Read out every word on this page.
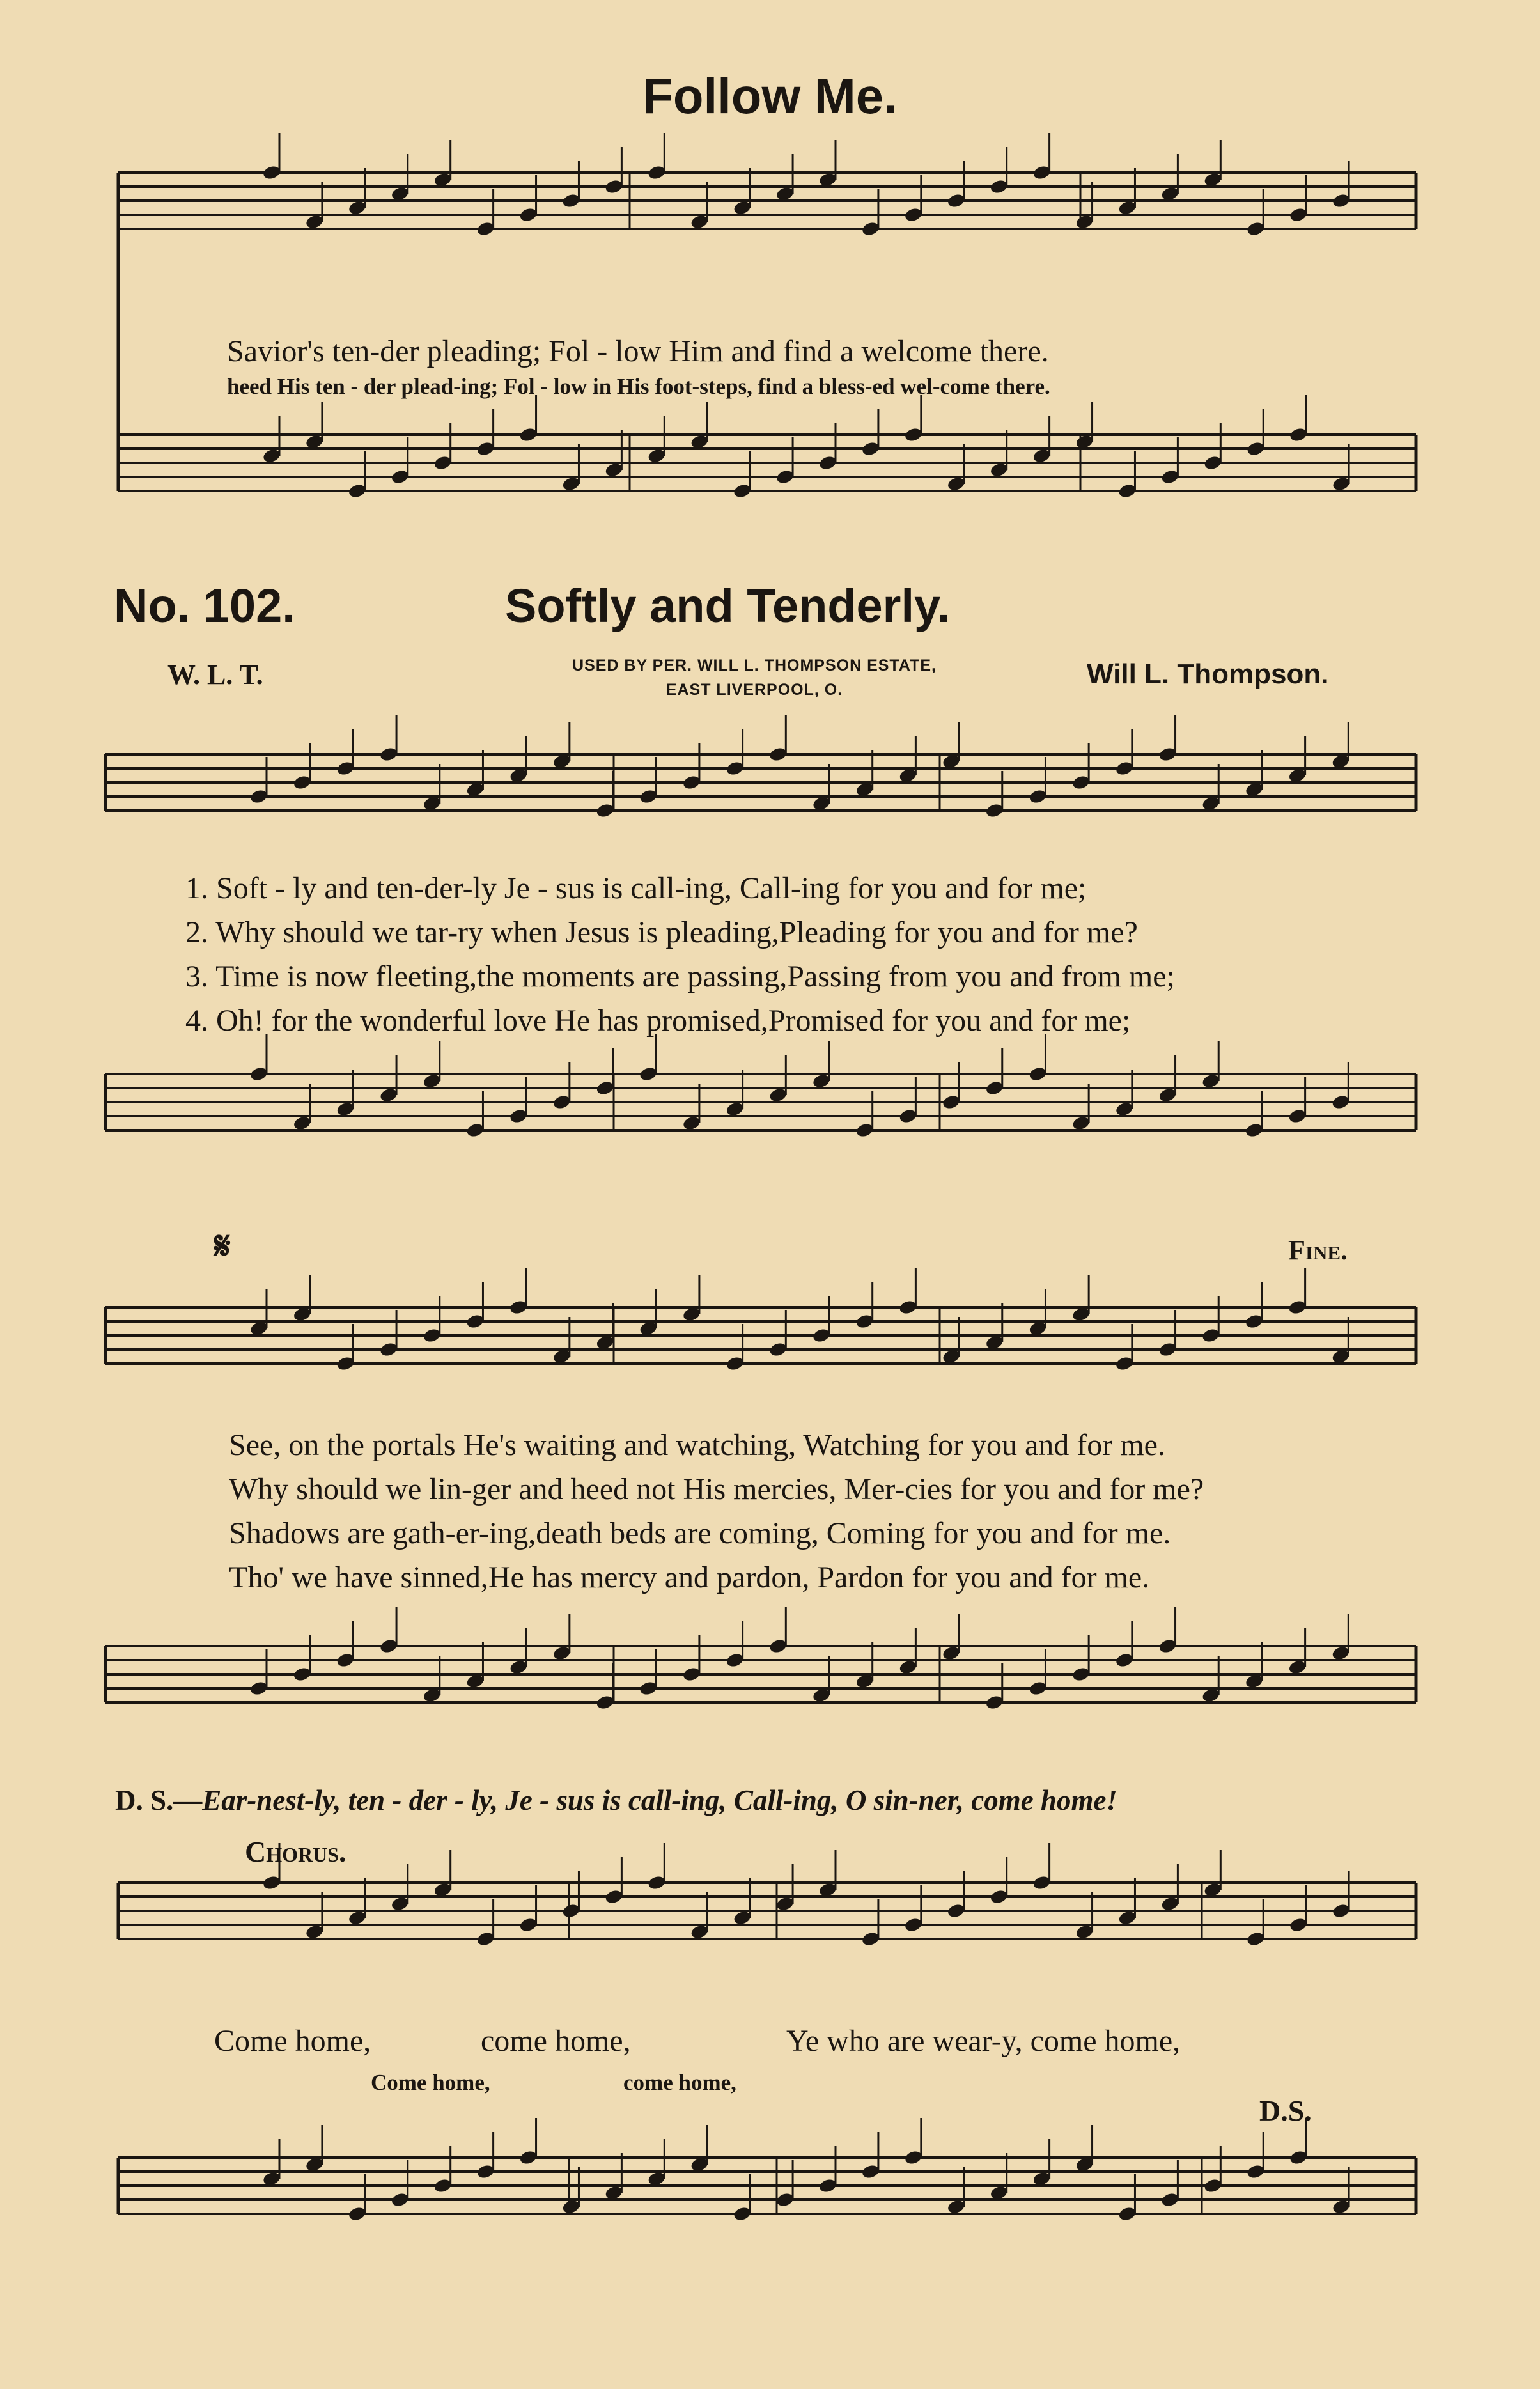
Follow Me.
Savior's ten-der pleading; Fol - low Him and find a welcome there.
heed His ten - der plead-ing; Fol - low in His foot-steps, find a bless-ed wel-come there.
No. 102.	Softly and Tenderly.
W. L. T.	USED BY PER. WILL L. THOMPSON ESTATE,
EAST LIVERPOOL, O.	Will L. Thompson.
1. Soft - ly and ten-der-ly Je - sus is call-ing, Call-ing for you and for me;
2. Why should we tar-ry when Jesus is pleading,Pleading for you and for me?
3. Time is now fleeting,the moments are passing,Passing from you and from me;
4. Oh! for the wonderful love He has promised,Promised for you and for me;
𝄋	Fine.
See, on the portals He's waiting and watching, Watching for you and for me.
Why should we lin-ger and heed not His mercies, Mer-cies for you and for me?
Shadows are gath-er-ing,death beds are coming, Coming for you and for me.
Tho' we have sinned,He has mercy and pardon, Pardon for you and for me.
D. S.—Ear-nest-ly, ten - der - ly, Je - sus is call-ing, Call-ing, O sin-ner, come home!
Chorus.
Come home,	come home,	Ye who are wear-y, come home,
Come home,	come home,
D.S.
